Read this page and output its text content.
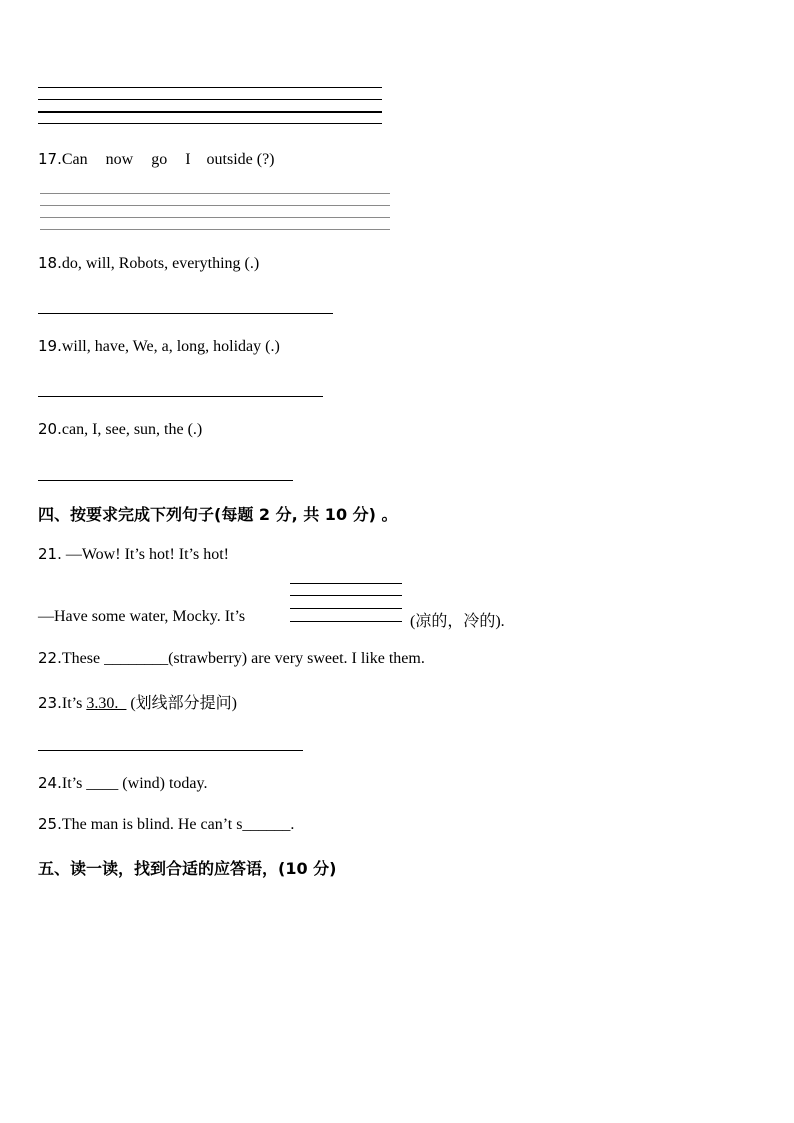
17.Can now go I outside (?)
18.do, will, Robots, everything (.)
19.will, have, We, a, long, holiday (.)
20.can, I, see, sun, the (.)
四、按要求完成下列句子(每题 2 分, 共 10 分) 。
21. —Wow! It’s hot! It’s hot!
—Have some water, Mocky. It’s	(凉的，冷的).
22.These ________(strawberry) are very sweet. I like them.
23.It’s 3.30._ (划线部分提问)
24.It’s ____ (wind) today.
25.The man is blind. He can’t s______.
五、读一读，找到合适的应答语，(10 分)
